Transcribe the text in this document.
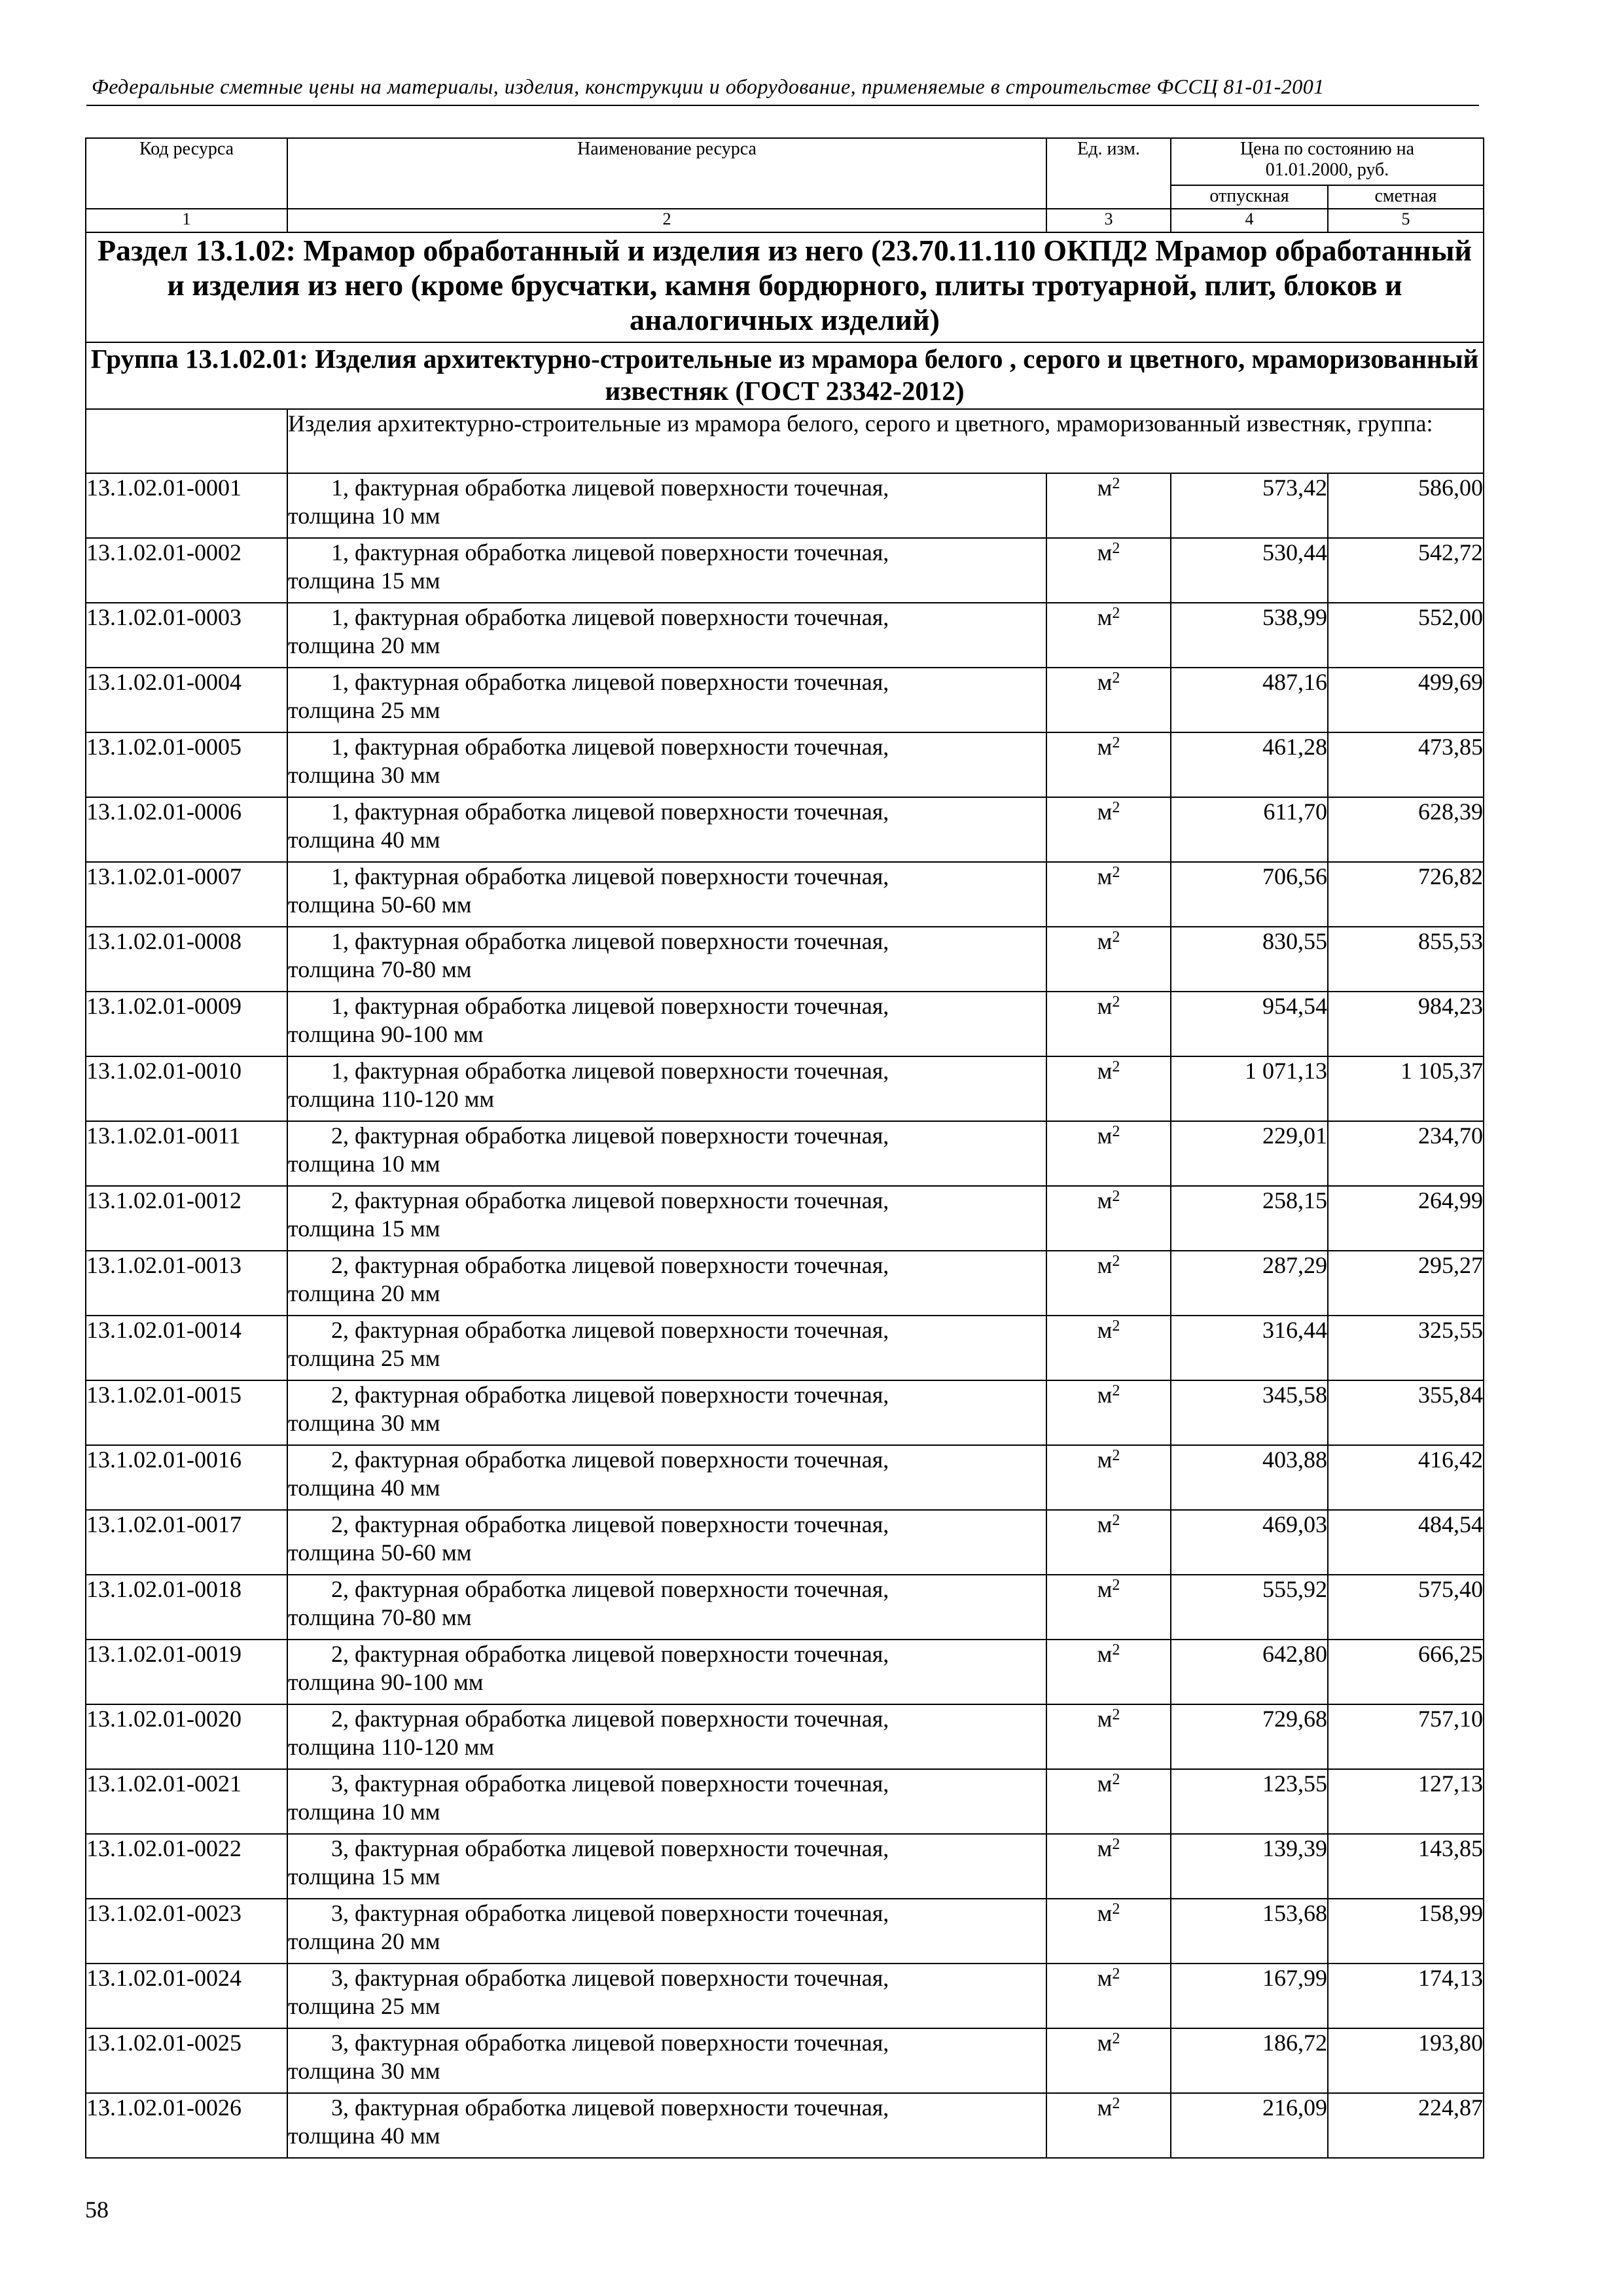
Федеральные сметные цены на материалы, изделия, конструкции и оборудование, применяемые в строительстве ФССЦ 81-01-2001
Код ресурса	Наименование ресурса	Ед. изм.	Цена по состоянию на 01.01.2000, руб.	
			отпускная	сметная
1	2	3	4	5
Раздел 13.1.02: Мрамор обработанный и изделия из него (23.70.11.110 ОКПД2 Мрамор обработанный и изделия из него (кроме брусчатки, камня бордюрного, плиты тротуарной, плит, блоков и аналогичных изделий)				
Группа 13.1.02.01: Изделия архитектурно-строительные из мрамора белого , серого и цветного, мраморизованный известняк (ГОСТ 23342-2012)				
	Изделия архитектурно-строительные из мрамора белого, серого и цветного, мраморизованный известняк, группа:			
13.1.02.01-0001	1, фактурная обработка лицевой поверхности точечная,
толщина 10 мм	$м^2$	573,42	586,00
13.1.02.01-0002	1, фактурная обработка лицевой поверхности точечная,
толщина 15 мм	$м^2$	530,44	542,72
13.1.02.01-0003	1, фактурная обработка лицевой поверхности точечная,
толщина 20 мм	$м^2$	538,99	552,00
13.1.02.01-0004	1, фактурная обработка лицевой поверхности точечная,
толщина 25 мм	$м^2$	487,16	499,69
13.1.02.01-0005	1, фактурная обработка лицевой поверхности точечная,
толщина 30 мм	$м^2$	461,28	473,85
13.1.02.01-0006	1, фактурная обработка лицевой поверхности точечная,
толщина 40 мм	$м^2$	611,70	628,39
13.1.02.01-0007	1, фактурная обработка лицевой поверхности точечная,
толщина 50-60 мм	$м^2$	706,56	726,82
13.1.02.01-0008	1, фактурная обработка лицевой поверхности точечная,
толщина 70-80 мм	$м^2$	830,55	855,53
13.1.02.01-0009	1, фактурная обработка лицевой поверхности точечная,
толщина 90-100 мм	$м^2$	954,54	984,23
13.1.02.01-0010	1, фактурная обработка лицевой поверхности точечная,
толщина 110-120 мм	$м^2$	1 071,13	1 105,37
13.1.02.01-0011	2, фактурная обработка лицевой поверхности точечная,
толщина 10 мм	$м^2$	229,01	234,70
13.1.02.01-0012	2, фактурная обработка лицевой поверхности точечная,
толщина 15 мм	$м^2$	258,15	264,99
13.1.02.01-0013	2, фактурная обработка лицевой поверхности точечная,
толщина 20 мм	$м^2$	287,29	295,27
13.1.02.01-0014	2, фактурная обработка лицевой поверхности точечная,
толщина 25 мм	$м^2$	316,44	325,55
13.1.02.01-0015	2, фактурная обработка лицевой поверхности точечная,
толщина 30 мм	$м^2$	345,58	355,84
13.1.02.01-0016	2, фактурная обработка лицевой поверхности точечная,
толщина 40 мм	$м^2$	403,88	416,42
13.1.02.01-0017	2, фактурная обработка лицевой поверхности точечная,
толщина 50-60 мм	$м^2$	469,03	484,54
13.1.02.01-0018	2, фактурная обработка лицевой поверхности точечная,
толщина 70-80 мм	$м^2$	555,92	575,40
13.1.02.01-0019	2, фактурная обработка лицевой поверхности точечная,
толщина 90-100 мм	$м^2$	642,80	666,25
13.1.02.01-0020	2, фактурная обработка лицевой поверхности точечная,
толщина 110-120 мм	$м^2$	729,68	757,10
13.1.02.01-0021	3, фактурная обработка лицевой поверхности точечная,
толщина 10 мм	$м^2$	123,55	127,13
13.1.02.01-0022	3, фактурная обработка лицевой поверхности точечная,
толщина 15 мм	$м^2$	139,39	143,85
13.1.02.01-0023	3, фактурная обработка лицевой поверхности точечная,
толщина 20 мм	$м^2$	153,68	158,99
13.1.02.01-0024	3, фактурная обработка лицевой поверхности точечная,
толщина 25 мм	$м^2$	167,99	174,13
13.1.02.01-0025	3, фактурная обработка лицевой поверхности точечная,
толщина 30 мм	$м^2$	186,72	193,80
13.1.02.01-0026	3, фактурная обработка лицевой поверхности точечная,
толщина 40 мм	$м^2$	216,09	224,87
58
